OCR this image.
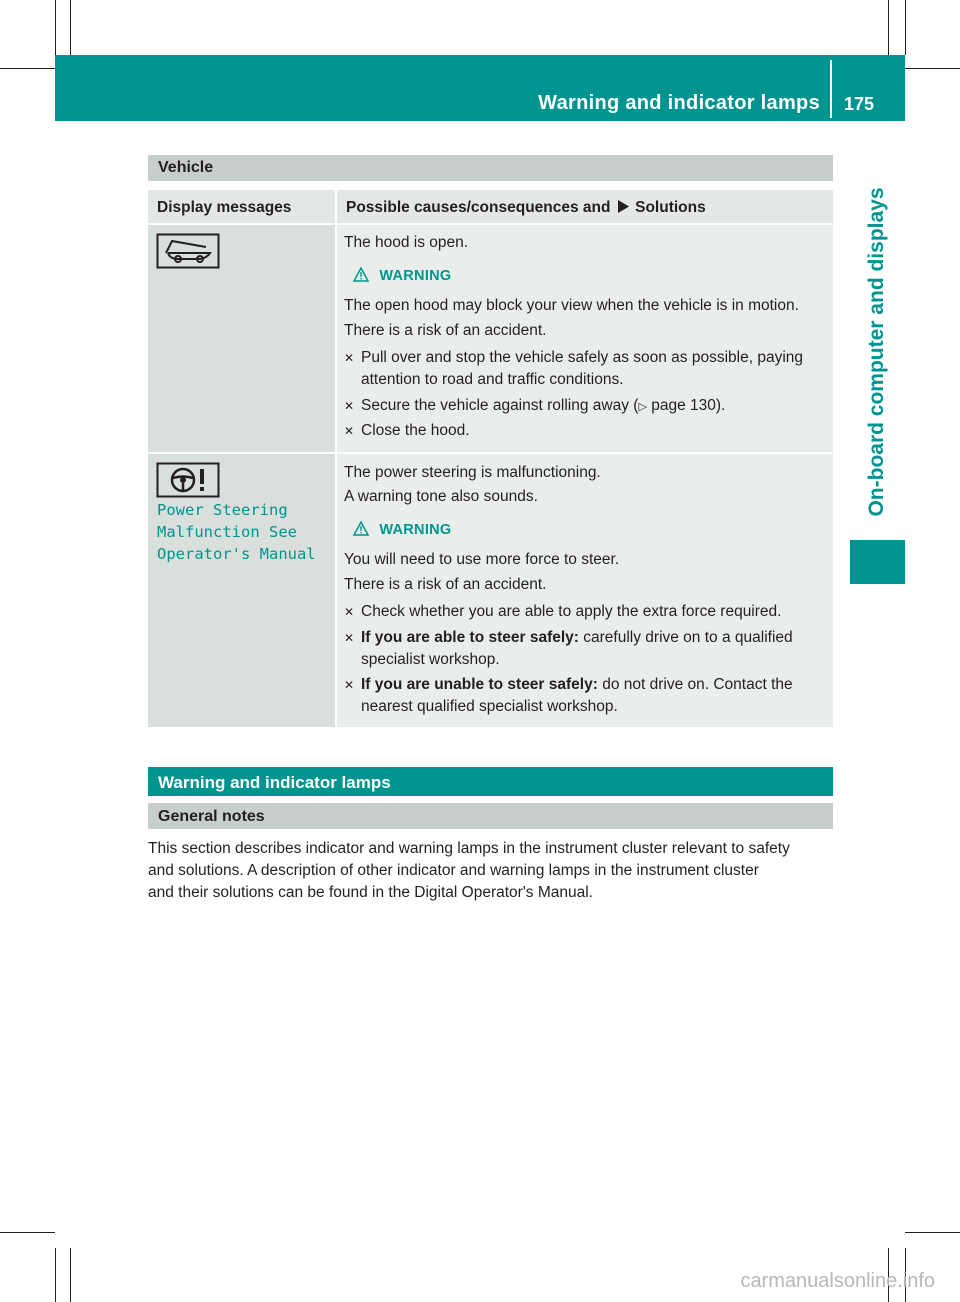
Warning and indicator lamps 175
On-board computer and displays
Vehicle
Display messages	Possible causes/consequences and Solutions
The hood is open.
WARNING
The open hood may block your view when the vehicle is in motion.
There is a risk of an accident.
✕ Pull over and stop the vehicle safely as soon as possible, paying
attention to road and traffic conditions.
✕ Secure the vehicle against rolling away (▷ page 130).
✕ Close the hood.
Power Steering
Malfunction See
Operator's Manual
The power steering is malfunctioning.
A warning tone also sounds.
WARNING
You will need to use more force to steer.
There is a risk of an accident.
✕ Check whether you are able to apply the extra force required.
✕ If you are able to steer safely: carefully drive on to a qualified
specialist workshop.
✕ If you are unable to steer safely: do not drive on. Contact the
nearest qualified specialist workshop.
Warning and indicator lamps
General notes
This section describes indicator and warning lamps in the instrument cluster relevant to safety
and solutions. A description of other indicator and warning lamps in the instrument cluster
and their solutions can be found in the Digital Operator's Manual.
carmanualsonline.info
